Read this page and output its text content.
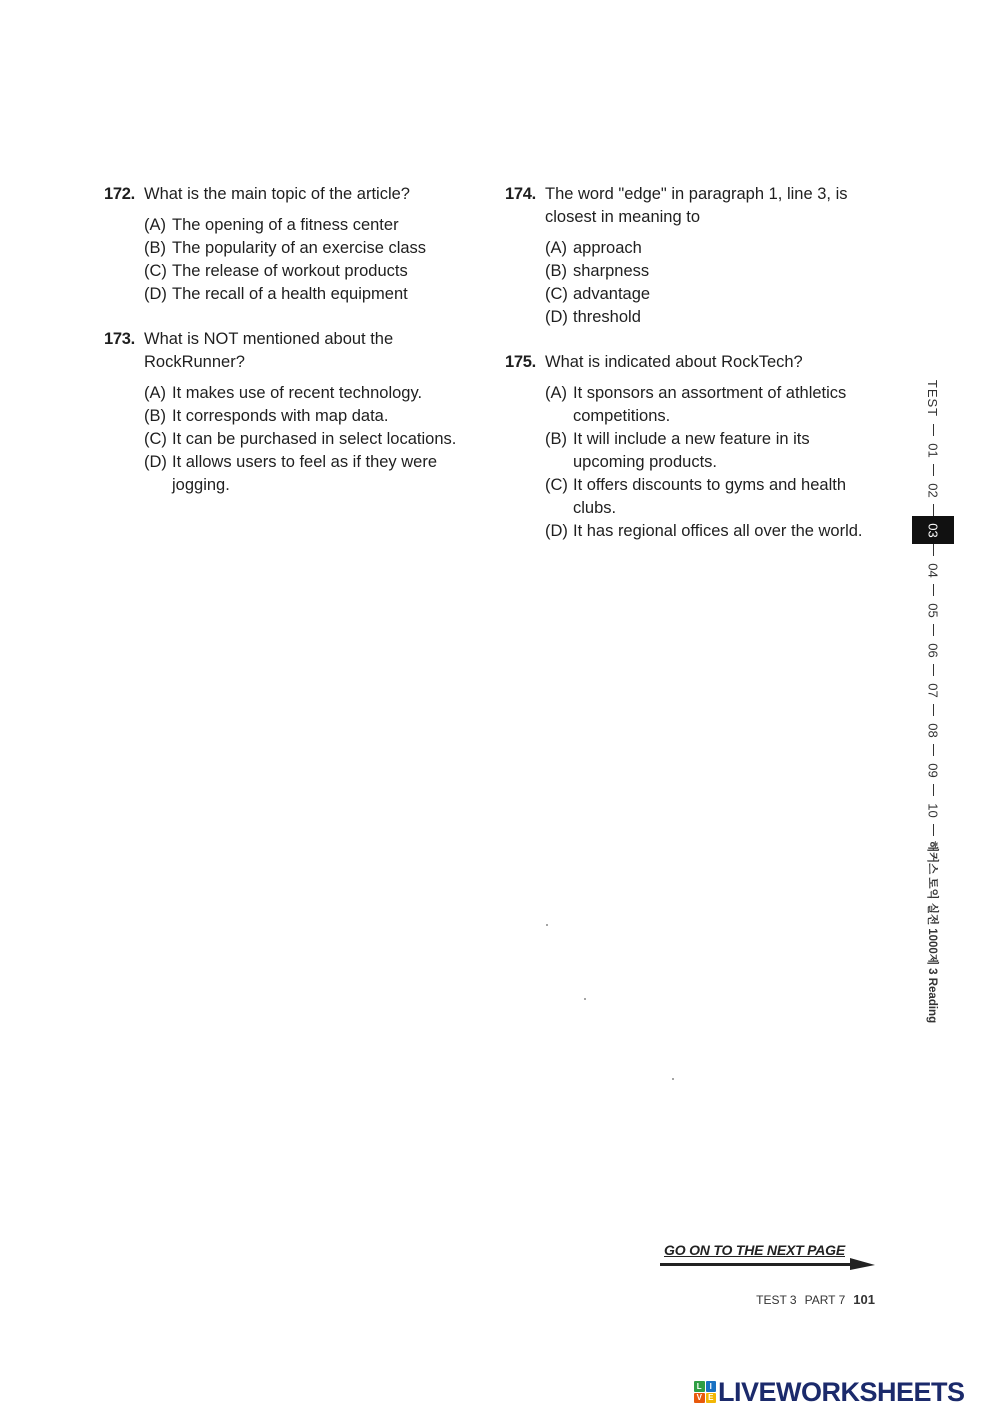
172. What is the main topic of the article?
(A) The opening of a fitness center
(B) The popularity of an exercise class
(C) The release of workout products
(D) The recall of a health equipment
173. What is NOT mentioned about the RockRunner?
(A) It makes use of recent technology.
(B) It corresponds with map data.
(C) It can be purchased in select locations.
(D) It allows users to feel as if they were jogging.
174. The word "edge" in paragraph 1, line 3, is closest in meaning to
(A) approach
(B) sharpness
(C) advantage
(D) threshold
175. What is indicated about RockTech?
(A) It sponsors an assortment of athletics competitions.
(B) It will include a new feature in its upcoming products.
(C) It offers discounts to gyms and health clubs.
(D) It has regional offices all over the world.
TEST
01
02
03
04
05
06
07
08
09
10
해커스 토익 실전 1000제 3 Reading
GO ON TO THE NEXT PAGE
TEST 3 PART 7 101
L I
V E LIVEWORKSHEETS
